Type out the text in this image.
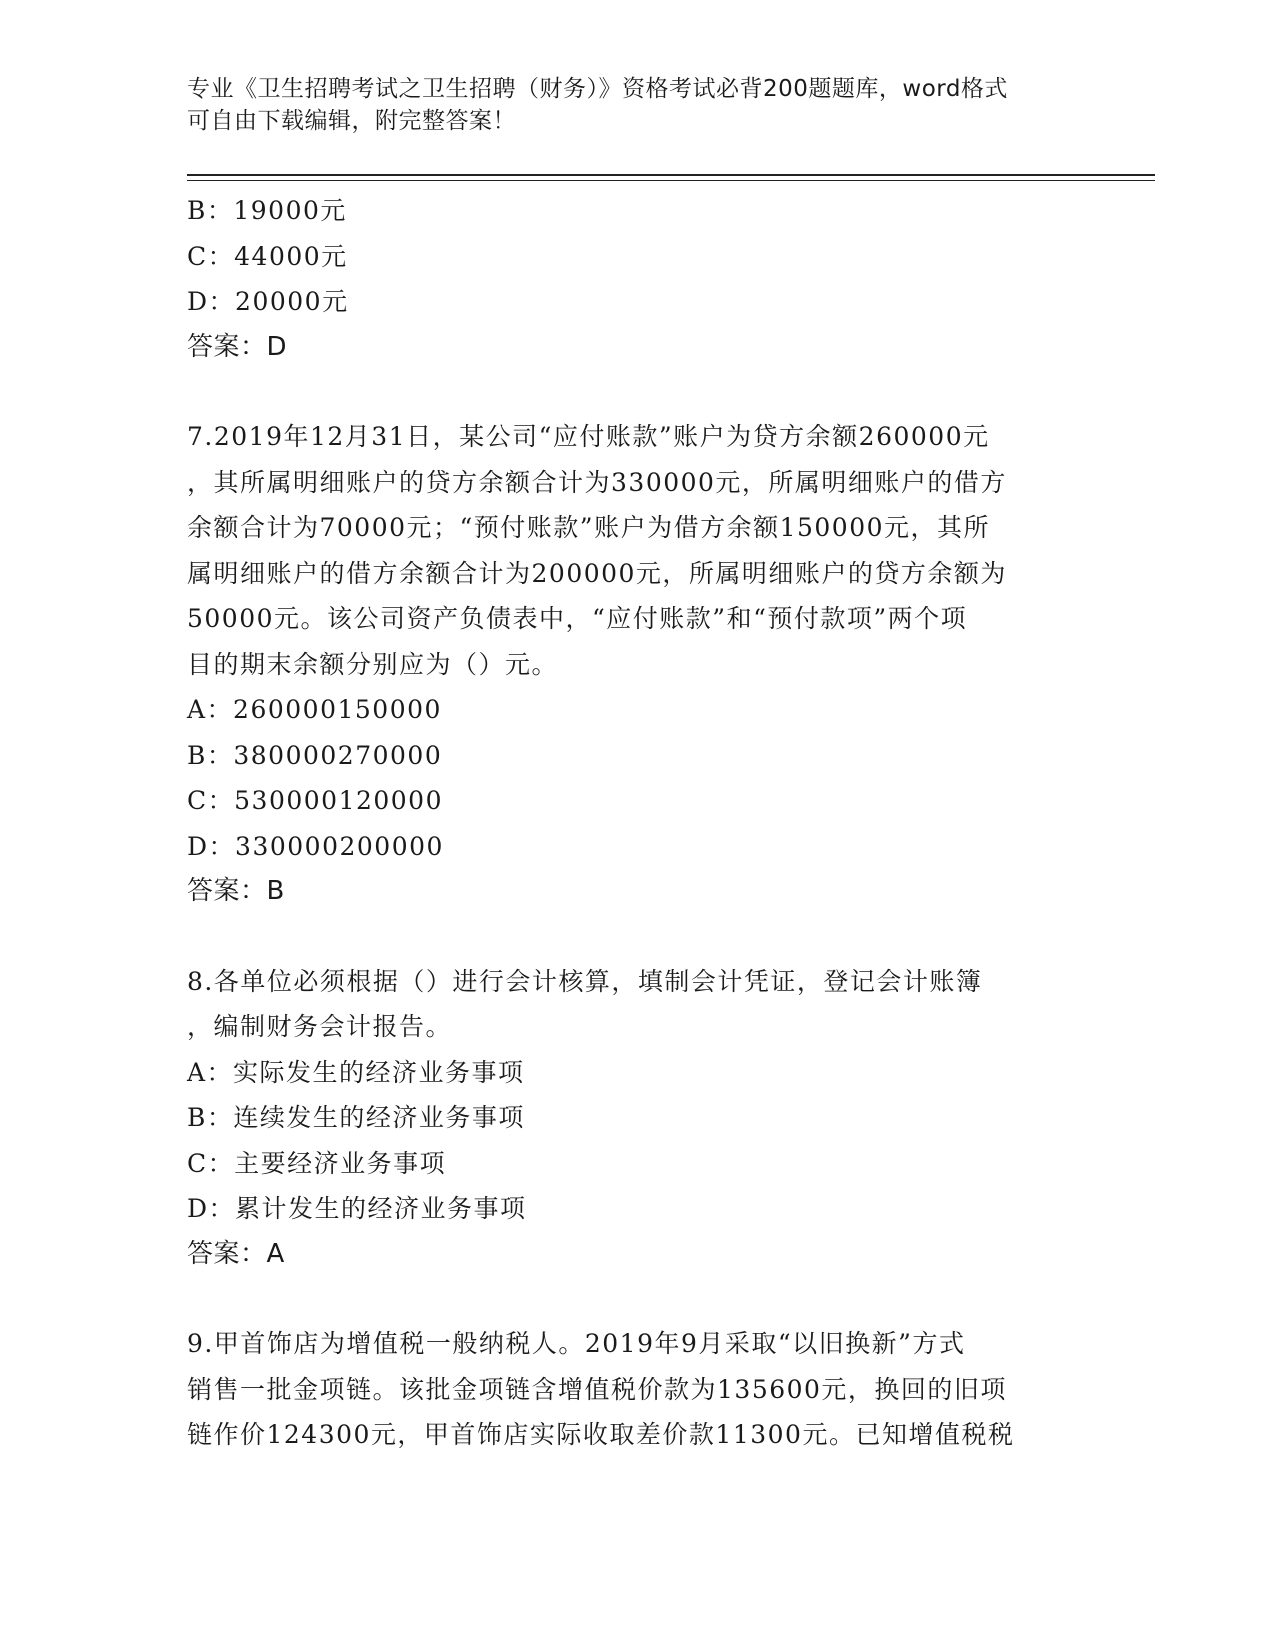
专业《卫生招聘考试之卫生招聘（财务）》资格考试必背200题题库，word格式
可自由下载编辑，附完整答案！
B：19000元
C：44000元
D：20000元
答案：D
7.2019年12月31日，某公司“应付账款”账户为贷方余额260000元
，其所属明细账户的贷方余额合计为330000元，所属明细账户的借方
余额合计为70000元；“预付账款”账户为借方余额150000元，其所
属明细账户的借方余额合计为200000元，所属明细账户的贷方余额为
50000元。该公司资产负债表中，“应付账款”和“预付款项”两个项
目的期末余额分别应为（）元。
A：260000150000
B：380000270000
C：530000120000
D：330000200000
答案：B
8.各单位必须根据（）进行会计核算，填制会计凭证，登记会计账簿
，编制财务会计报告。
A：实际发生的经济业务事项
B：连续发生的经济业务事项
C：主要经济业务事项
D：累计发生的经济业务事项
答案：A
9.甲首饰店为增值税一般纳税人。2019年9月采取“以旧换新”方式
销售一批金项链。该批金项链含增值税价款为135600元，换回的旧项
链作价124300元，甲首饰店实际收取差价款11300元。已知增值税税
